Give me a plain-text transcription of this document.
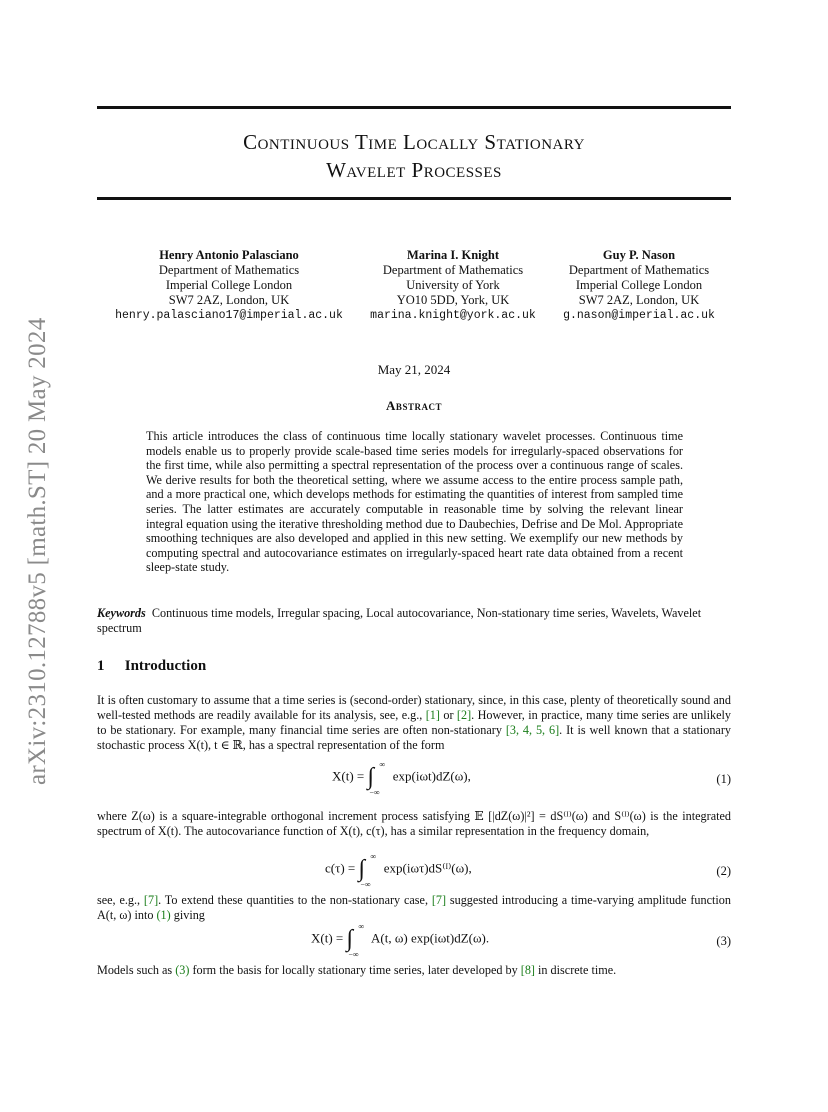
arXiv:2310.12788v5 [math.ST] 20 May 2024
Continuous Time Locally Stationary
Wavelet Processes
Henry Antonio Palasciano
Department of Mathematics
Imperial College London
SW7 2AZ, London, UK
henry.palasciano17@imperial.ac.uk
Marina I. Knight
Department of Mathematics
University of York
YO10 5DD, York, UK
marina.knight@york.ac.uk
Guy P. Nason
Department of Mathematics
Imperial College London
SW7 2AZ, London, UK
g.nason@imperial.ac.uk
May 21, 2024
Abstract
This article introduces the class of continuous time locally stationary wavelet processes. Continuous time models enable us to properly provide scale-based time series models for irregularly-spaced observations for the first time, while also permitting a spectral representation of the process over a continuous range of scales. We derive results for both the theoretical setting, where we assume access to the entire process sample path, and a more practical one, which develops methods for estimating the quantities of interest from sampled time series. The latter estimates are accurately computable in reasonable time by solving the relevant linear integral equation using the iterative thresholding method due to Daubechies, Defrise and De Mol. Appropriate smoothing techniques are also developed and applied in this new setting. We exemplify our new methods by computing spectral and autocovariance estimates on irregularly-spaced heart rate data obtained from a recent sleep-state study.
Keywords Continuous time models, Irregular spacing, Local autocovariance, Non-stationary time series, Wavelets, Wavelet spectrum
1 Introduction
It is often customary to assume that a time series is (second-order) stationary, since, in this case, plenty of theoretically sound and well-tested methods are readily available for its analysis, see, e.g., [1] or [2]. However, in practice, many time series are unlikely to be stationary. For example, many financial time series are often non-stationary [3, 4, 5, 6]. It is well known that a stationary stochastic process X(t), t ∈ ℝ, has a spectral representation of the form
X(t) = ∫ ∞
−∞
exp(iωt)dZ(ω),	(1)
where Z(ω) is a square-integrable orthogonal increment process satisfying 𝔼 [|dZ(ω)|²] = dS⁽ᴵ⁾(ω) and S⁽ᴵ⁾(ω) is the integrated spectrum of X(t). The autocovariance function of X(t), c(τ), has a similar representation in the frequency domain,
c(τ) = ∫ ∞
−∞
exp(iωτ)dS⁽ᴵ⁾(ω),	(2)
see, e.g., [7]. To extend these quantities to the non-stationary case, [7] suggested introducing a time-varying amplitude function A(t, ω) into (1) giving
X(t) = ∫ ∞
−∞
A(t, ω) exp(iωt)dZ(ω).	(3)
Models such as (3) form the basis for locally stationary time series, later developed by [8] in discrete time.
